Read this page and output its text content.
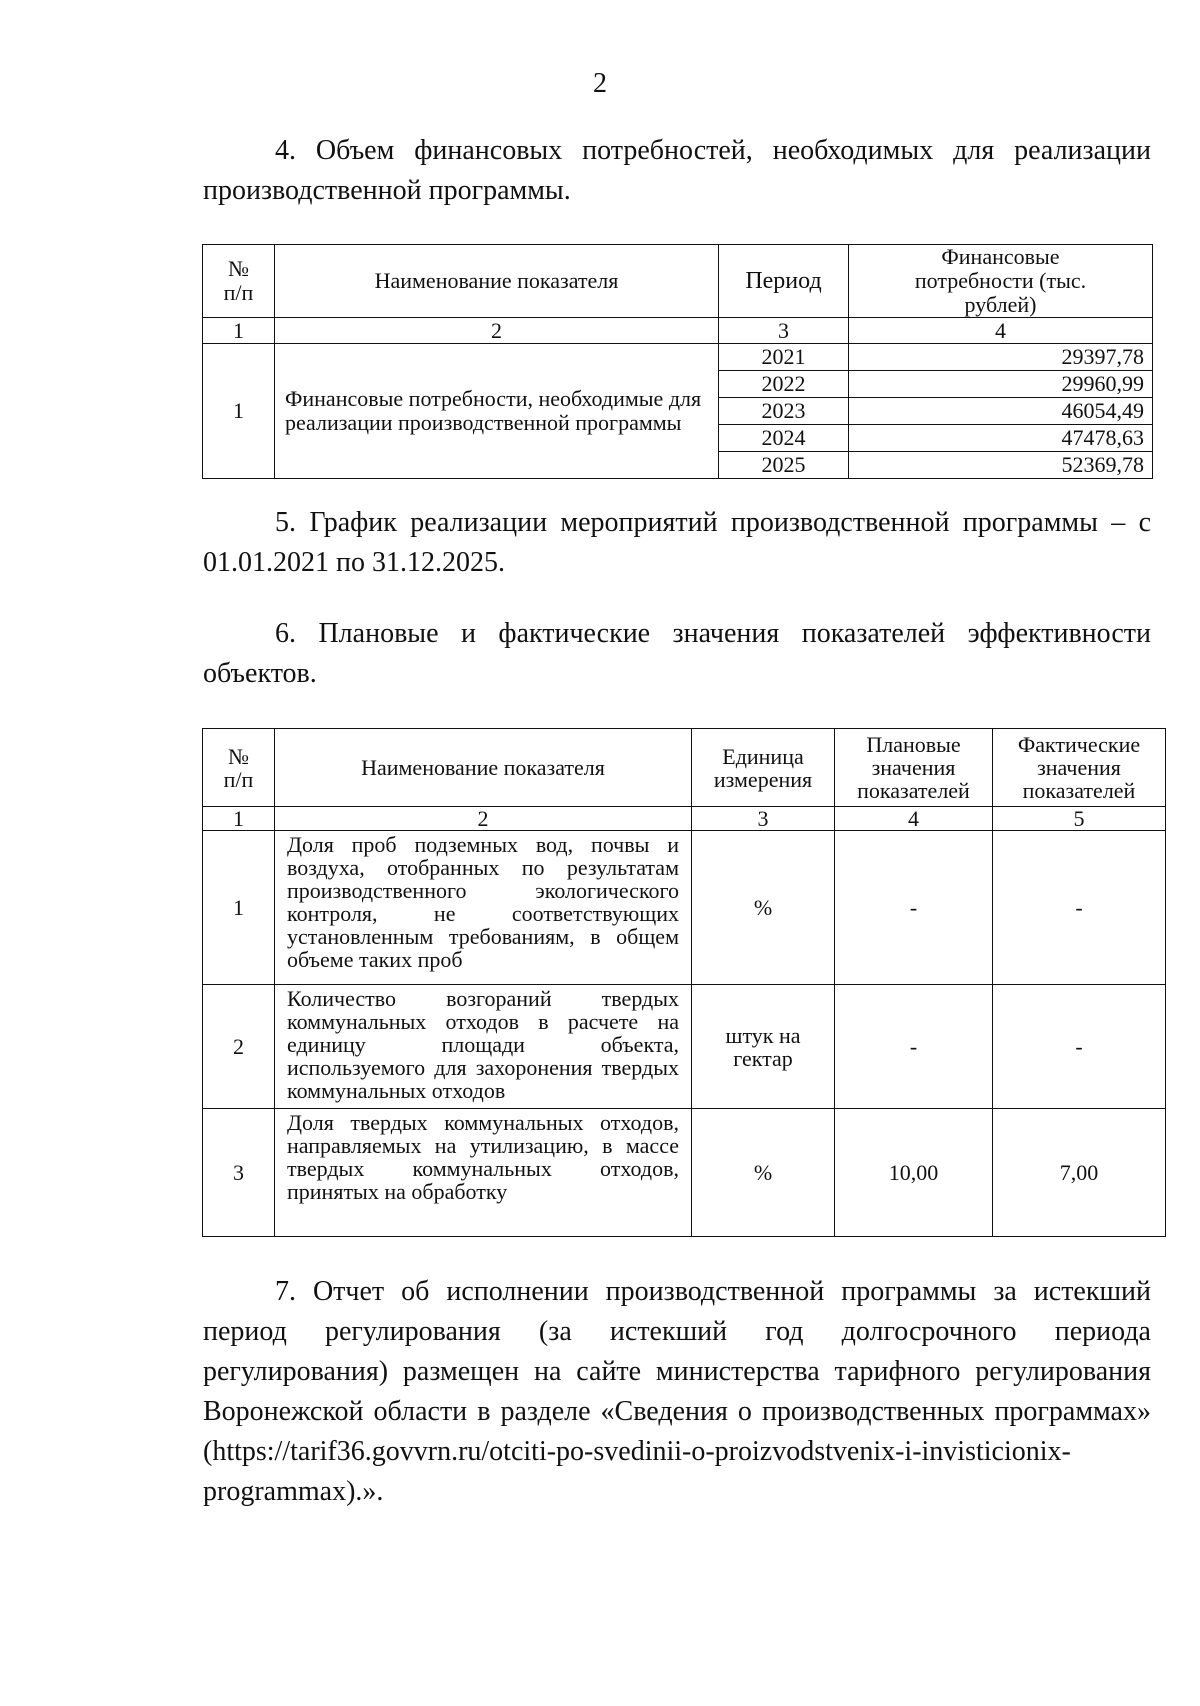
2
4. Объем финансовых потребностей, необходимых для реализации производственной программы.
№ п/п	Наименование показателя	Период	Финансовые потребности (тыс. рублей)
1	2	3	4
1	Финансовые потребности, необходимые для реализации производственной программы	2021	29397,78
		2022	29960,99
		2023	46054,49
		2024	47478,63
		2025	52369,78
5. График реализации мероприятий производственной программы – с 01.01.2021 по 31.12.2025.
6. Плановые и фактические значения показателей эффективности объектов.
№ п/п	Наименование показателя	Единица измерения	Плановые значения показателей	Фактические значения показателей
1	2	3	4	5
1	Доля проб подземных вод, почвы и воздуха, отобранных по результатам производственного экологического контроля, не соответствующих установленным требованиям, в общем объеме таких проб	%	-	-
2	Количество возгораний твердых коммунальных отходов в расчете на единицу площади объекта, используемого для захоронения твердых коммунальных отходов	штук на гектар	-	-
3	Доля твердых коммунальных отходов, направляемых на утилизацию, в массе твердых коммунальных отходов, принятых на обработку	%	10,00	7,00
7. Отчет об исполнении производственной программы за истекший период регулирования (за истекший год долгосрочного периода регулирования) размещен на сайте министерства тарифного регулирования Воронежской области в разделе «Сведения о производственных программах» (https://tarif36.govvrn.ru/otciti-po-svedinii-o-proizvodstvenix-i-invisticionix-programmax).».
